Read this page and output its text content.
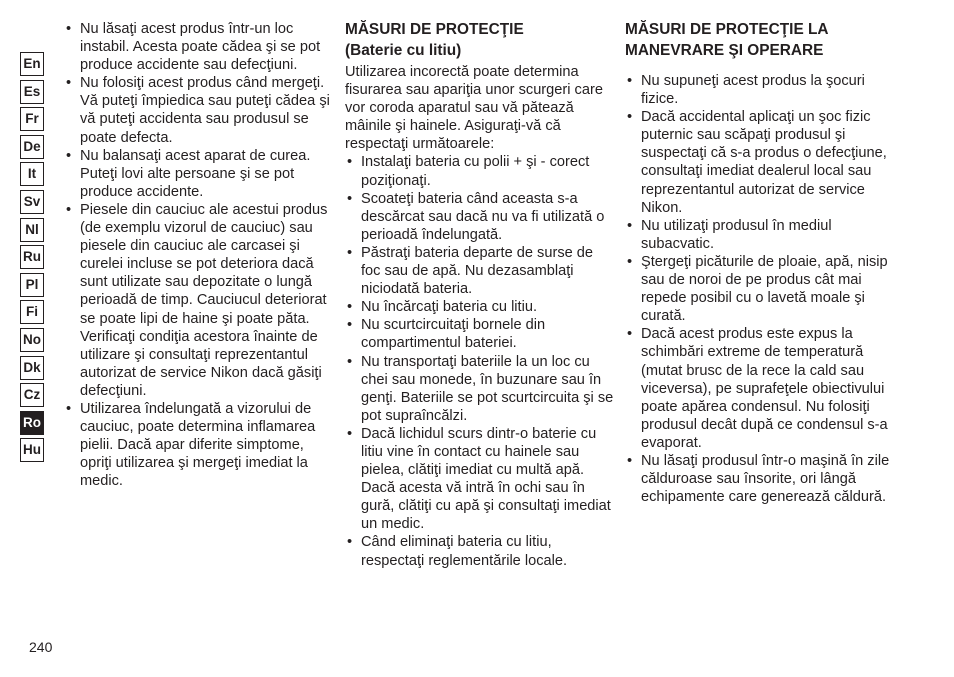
En
Es
Fr
De
It
Sv
Nl
Ru
Pl
Fi
No
Dk
Cz
Ro
Hu
• Nu lăsaţi acest produs într-un loc instabil. Acesta poate cădea şi se pot produce accidente sau defecţiuni.
• Nu folosiţi acest produs când mergeţi. Vă puteţi împiedica sau puteţi cădea şi vă puteţi accidenta sau produsul se poate defecta.
• Nu balansaţi acest aparat de curea. Puteţi lovi alte persoane şi se pot produce accidente.
• Piesele din cauciuc ale acestui produs (de exemplu vizorul de cauciuc) sau piesele din cauciuc ale carcasei şi curelei incluse se pot deteriora dacă sunt utilizate sau depozitate o lungă perioadă de timp. Cauciucul deteriorat se poate lipi de haine şi poate păta. Verificaţi condiţia acestora înainte de utilizare şi consultaţi reprezentantul autorizat de service Nikon dacă găsiţi defecţiuni.
• Utilizarea îndelungată a vizorului de cauciuc, poate determina inflamarea pielii. Dacă apar diferite simptome, opriţi utilizarea şi mergeţi imediat la medic.
MĂSURI DE PROTECŢIE
(Baterie cu litiu)

Utilizarea incorectă poate determina fisurarea sau apariţia unor scurgeri care vor coroda aparatul sau vă pătează mâinile şi hainele. Asiguraţi-vă că respectaţi următoarele:

• Instalaţi bateria cu polii + şi - corect poziţionaţi.
• Scoateţi bateria când aceasta s-a descărcat sau dacă nu va fi utilizată o perioadă îndelungată.
• Păstraţi bateria departe de surse de foc sau de apă. Nu dezasamblaţi niciodată bateria.
• Nu încărcaţi bateria cu litiu.
• Nu scurtcircuitaţi bornele din compartimentul bateriei.
• Nu transportaţi bateriile la un loc cu chei sau monede, în buzunare sau în genţi. Bateriile se pot scurtcircuita şi se pot supraîncălzi.
• Dacă lichidul scurs dintr-o baterie cu litiu vine în contact cu hainele sau pielea, clătiţi imediat cu multă apă. Dacă acesta vă intră în ochi sau în gură, clătiţi cu apă şi consultaţi imediat un medic.
• Când eliminaţi bateria cu litiu, respectaţi reglementările locale.
MĂSURI DE PROTECŢIE LA
MANEVRARE ŞI OPERARE
• Nu supuneţi acest produs la şocuri fizice.
• Dacă accidental aplicaţi un şoc fizic puternic sau scăpaţi produsul şi suspectaţi că s-a produs o defecţiune, consultaţi imediat dealerul local sau reprezentantul autorizat de service Nikon.
• Nu utilizaţi produsul în mediul subacvatic.
• Ştergeţi picăturile de ploaie, apă, nisip sau de noroi de pe produs cât mai repede posibil cu o lavetă moale şi curată.
• Dacă acest produs este expus la schimbări extreme de temperatură (mutat brusc de la rece la cald sau viceversa), pe suprafeţele obiectivului poate apărea condensul. Nu folosiţi produsul decât după ce condensul s-a evaporat.
• Nu lăsaţi produsul într-o maşină în zile călduroase sau însorite, ori lângă echipamente care generează căldură.
240
